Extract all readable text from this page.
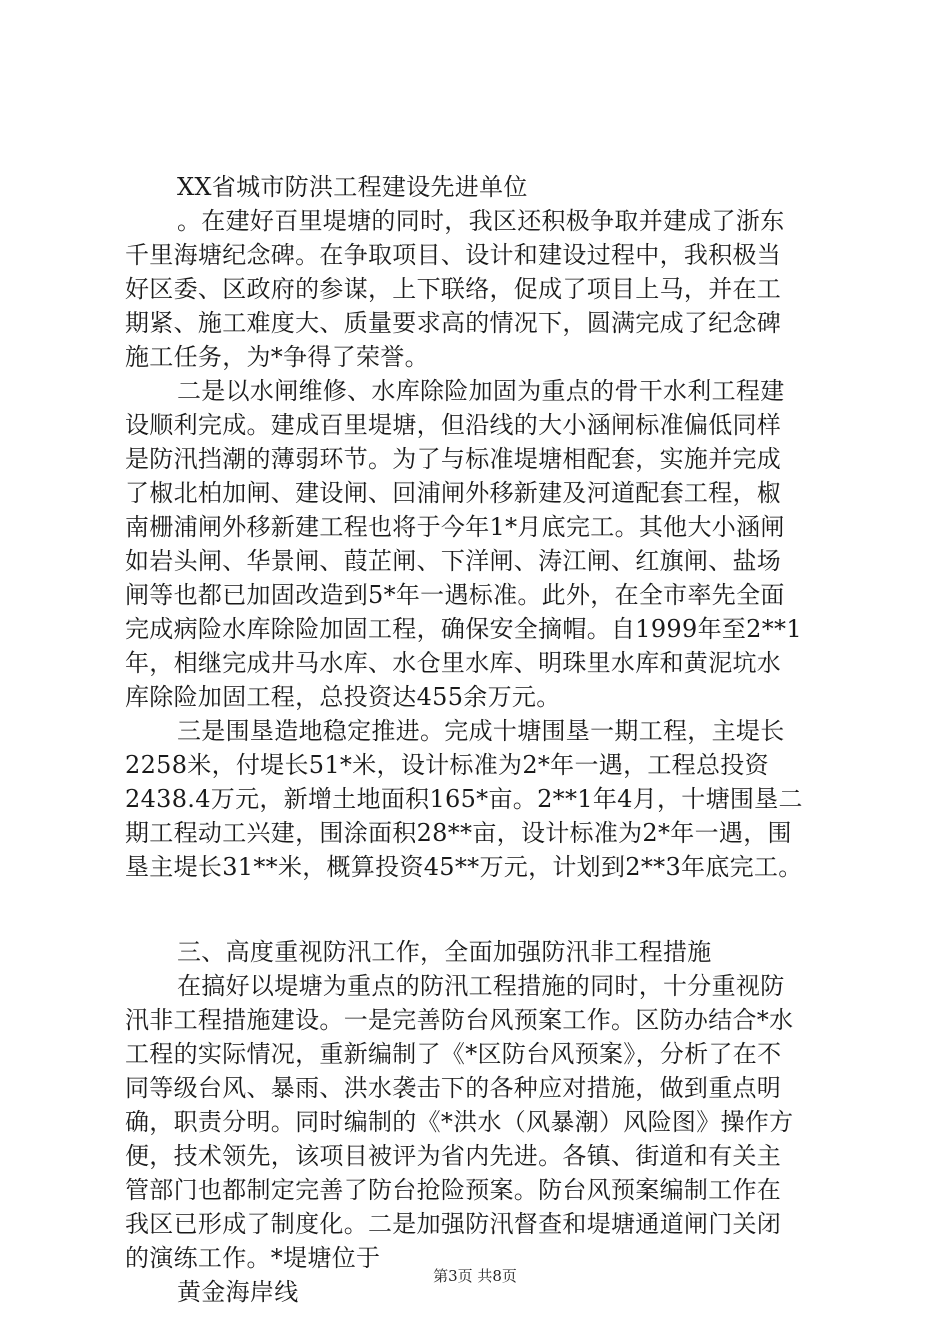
XX省城市防洪工程建设先进单位
。在建好百里堤塘的同时，我区还积极争取并建成了浙东
千里海塘纪念碑。在争取项目、设计和建设过程中，我积极当
好区委、区政府的参谋，上下联络，促成了项目上马，并在工
期紧、施工难度大、质量要求高的情况下，圆满完成了纪念碑
施工任务，为*争得了荣誉。
二是以水闸维修、水库除险加固为重点的骨干水利工程建
设顺利完成。建成百里堤塘，但沿线的大小涵闸标准偏低同样
是防汛挡潮的薄弱环节。为了与标准堤塘相配套，实施并完成
了椒北柏加闸、建设闸、回浦闸外移新建及河道配套工程，椒
南栅浦闸外移新建工程也将于今年1*月底完工。其他大小涵闸
如岩头闸、华景闸、葭芷闸、下洋闸、涛江闸、红旗闸、盐场
闸等也都已加固改造到5*年一遇标准。此外，在全市率先全面
完成病险水库除险加固工程，确保安全摘帽。自1999年至2**1
年，相继完成井马水库、水仓里水库、明珠里水库和黄泥坑水
库除险加固工程，总投资达455余万元。
三是围垦造地稳定推进。完成十塘围垦一期工程，主堤长
2258米，付堤长51*米，设计标准为2*年一遇，工程总投资
2438.4万元，新增土地面积165*亩。2**1年4月，十塘围垦二
期工程动工兴建，围涂面积28**亩，设计标准为2*年一遇，围
垦主堤长31**米，概算投资45**万元，计划到2**3年底完工。
三、高度重视防汛工作，全面加强防汛非工程措施
在搞好以堤塘为重点的防汛工程措施的同时，十分重视防
汛非工程措施建设。一是完善防台风预案工作。区防办结合*水
工程的实际情况，重新编制了《*区防台风预案》，分析了在不
同等级台风、暴雨、洪水袭击下的各种应对措施，做到重点明
确，职责分明。同时编制的《*洪水（风暴潮）风险图》操作方
便，技术领先，该项目被评为省内先进。各镇、街道和有关主
管部门也都制定完善了防台抢险预案。防台风预案编制工作在
我区已形成了制度化。二是加强防汛督查和堤塘通道闸门关闭
的演练工作。*堤塘位于
黄金海岸线
第3页 共8页
